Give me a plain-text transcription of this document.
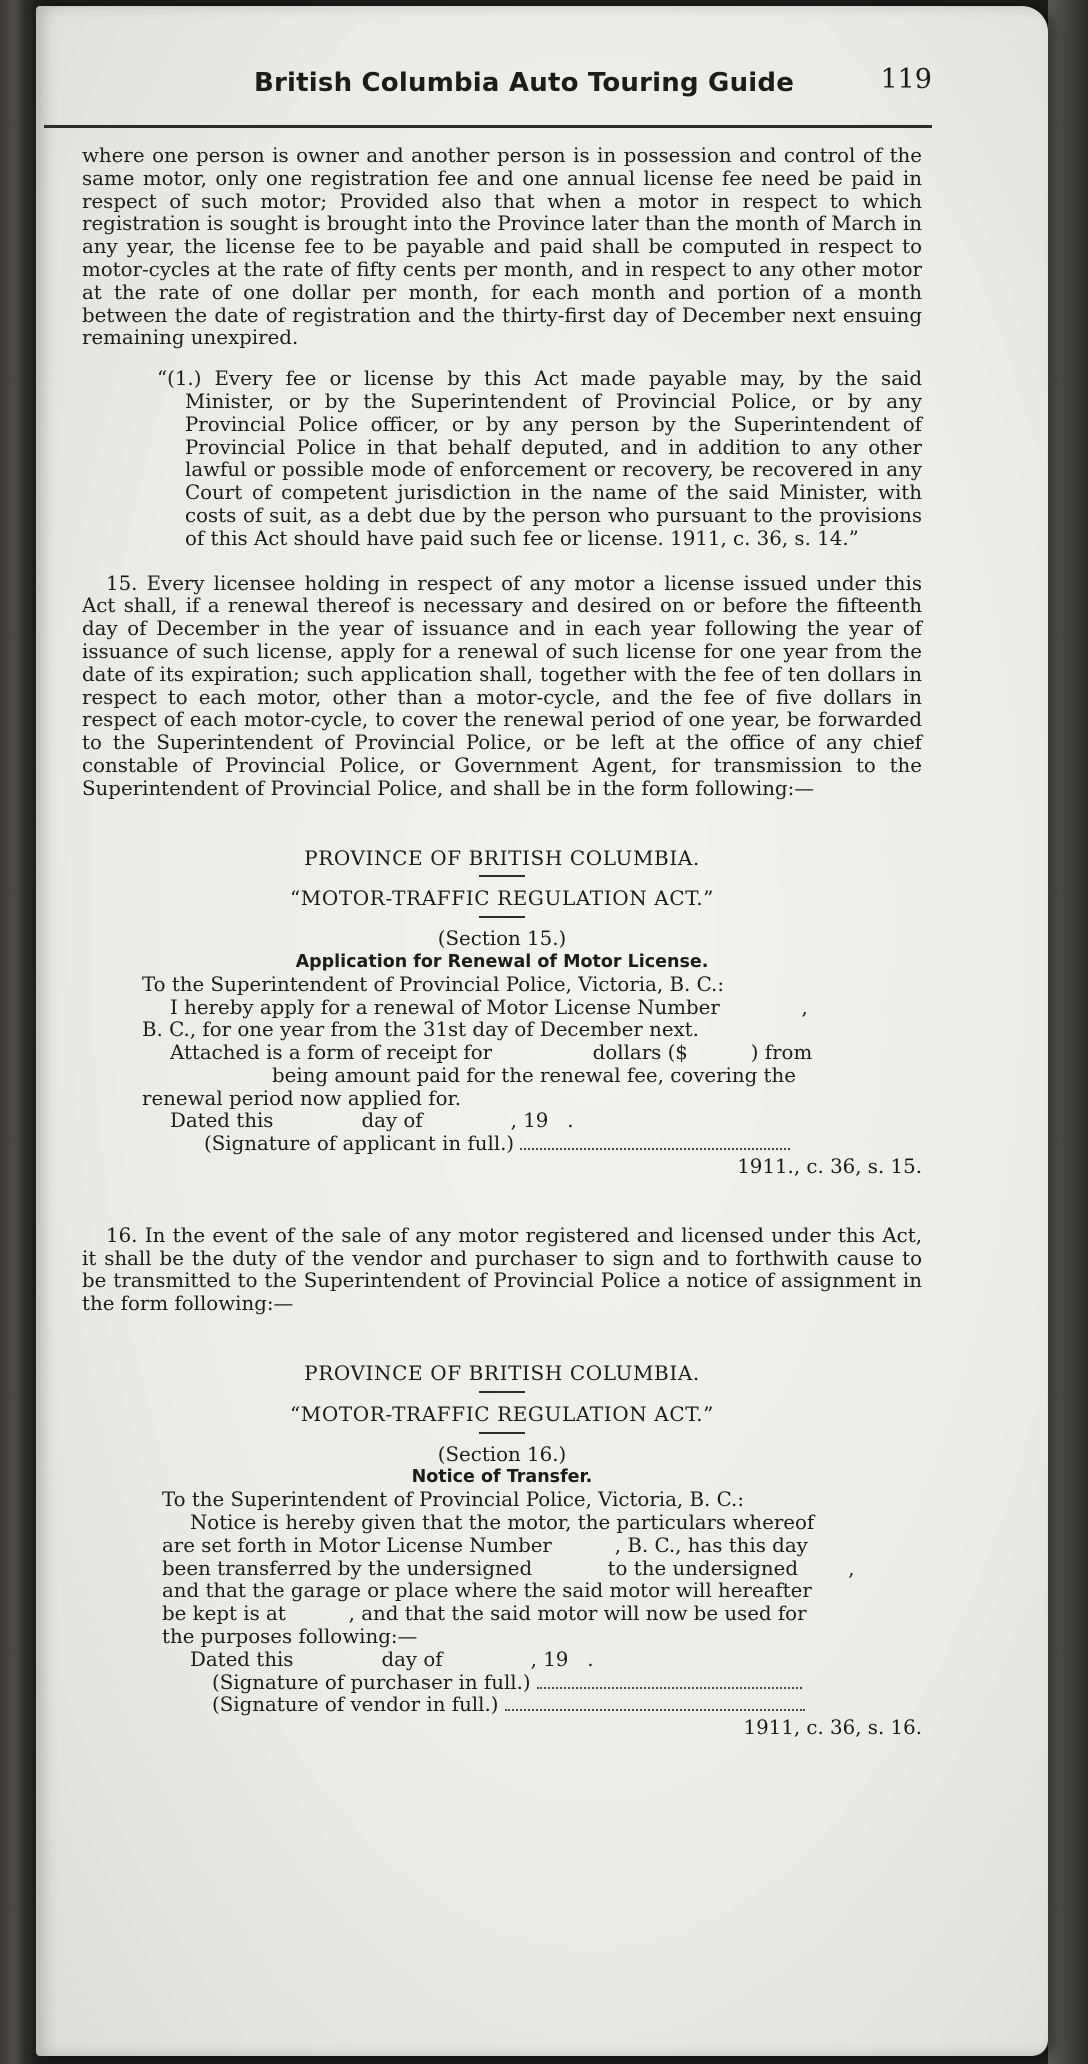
British Columbia Auto Touring Guide	119

where one person is owner and another person is in possession and control of the same motor, only one registration fee and one annual license fee need be paid in respect of such motor; Provided also that when a motor in respect to which registration is sought is brought into the Province later than the month of March in any year, the license fee to be payable and paid shall be computed in respect to motor-cycles at the rate of fifty cents per month, and in respect to any other motor at the rate of one dollar per month, for each month and portion of a month between the date of registration and the thirty-first day of December next ensuing remaining unexpired.

“(1.) Every fee or license by this Act made payable may, by the said Minister, or by the Superintendent of Provincial Police, or by any Provincial Police officer, or by any person by the Superintendent of Provincial Police in that behalf deputed, and in addition to any other lawful or possible mode of enforcement or recovery, be recovered in any Court of competent jurisdiction in the name of the said Minister, with costs of suit, as a debt due by the person who pursuant to the provisions of this Act should have paid such fee or license. 1911, c. 36, s. 14.”

15. Every licensee holding in respect of any motor a license issued under this Act shall, if a renewal thereof is necessary and desired on or before the fifteenth day of December in the year of issuance and in each year following the year of issuance of such license, apply for a renewal of such license for one year from the date of its expiration; such application shall, together with the fee of ten dollars in respect to each motor, other than a motor-cycle, and the fee of five dollars in respect of each motor-cycle, to cover the renewal period of one year, be forwarded to the Superintendent of Provincial Police, or be left at the office of any chief constable of Provincial Police, or Government Agent, for transmission to the Superintendent of Provincial Police, and shall be in the form following:—

PROVINCE OF BRITISH COLUMBIA.

“MOTOR-TRAFFIC REGULATION ACT.”

(Section 15.)

Application for Renewal of Motor License.

To the Superintendent of Provincial Police, Victoria, B. C.:
I hereby apply for a renewal of Motor License Number             ,
B. C., for one year from the 31st day of December next.
Attached is a form of receipt for                dollars ($          ) from
being amount paid for the renewal fee, covering the
renewal period now applied for.
Dated this              day of              , 19   .
(Signature of applicant in full.)
1911., c. 36, s. 15.

16. In the event of the sale of any motor registered and licensed under this Act, it shall be the duty of the vendor and purchaser to sign and to forthwith cause to be transmitted to the Superintendent of Provincial Police a notice of assignment in the form following:—

PROVINCE OF BRITISH COLUMBIA.

“MOTOR-TRAFFIC REGULATION ACT.”

(Section 16.)

Notice of Transfer.

To the Superintendent of Provincial Police, Victoria, B. C.:
Notice is hereby given that the motor, the particulars whereof
are set forth in Motor License Number          , B. C., has this day
been transferred by the undersigned            to the undersigned        ,
and that the garage or place where the said motor will hereafter
be kept is at          , and that the said motor will now be used for
the purposes following:—
Dated this              day of              , 19   .
(Signature of purchaser in full.)
(Signature of vendor in full.)
1911, c. 36, s. 16.
